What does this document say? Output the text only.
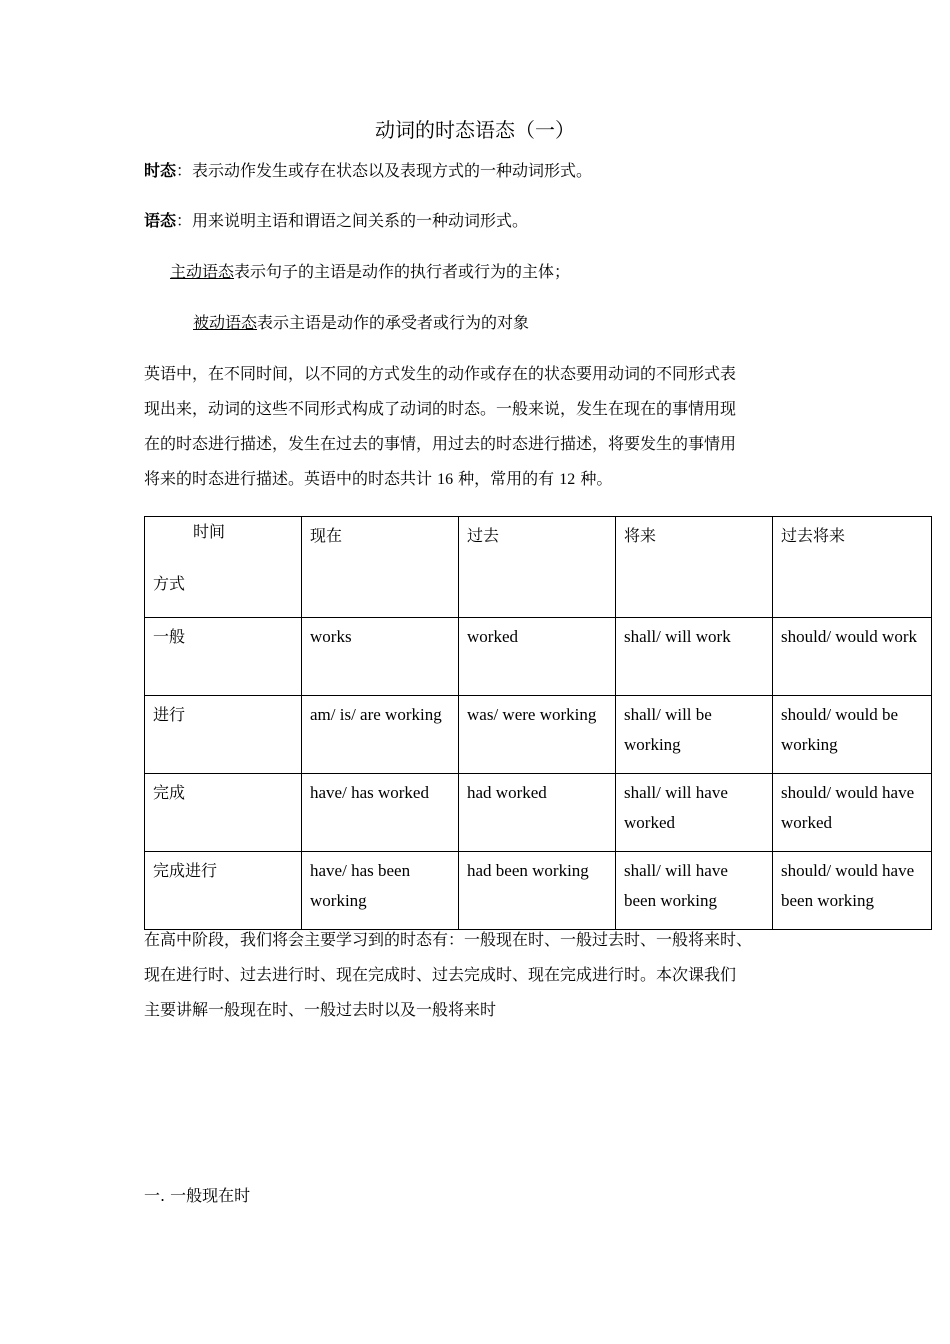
动词的时态语态（一）
时态：表示动作发生或存在状态以及表现方式的一种动词形式。
语态：用来说明主语和谓语之间关系的一种动词形式。
主动语态表示句子的主语是动作的执行者或行为的主体；
被动语态表示主语是动作的承受者或行为的对象

英语中，在不同时间，以不同的方式发生的动作或存在的状态要用动词的不同形式表

现出来，动词的这些不同形式构成了动词的时态。一般来说，发生在现在的事情用现

在的时态进行描述，发生在过去的事情，用过去的时态进行描述，将要发生的事情用

将来的时态进行描述。英语中的时态共计 16 种，常用的有 12 种。

时间
方式	现在	过去	将来	过去将来
一般	works	worked	shall/ will work	should/ would work
进行	am/ is/ are working	was/ were working	shall/ will be working	should/ would be working
完成	have/ has worked	had worked	shall/ will have worked	should/ would have worked
完成进行	have/ has been working	had been working	shall/ will have been working	should/ would have been working

在高中阶段，我们将会主要学习到的时态有：一般现在时、一般过去时、一般将来时、

现在进行时、过去进行时、现在完成时、过去完成时、现在完成进行时。本次课我们

主要讲解一般现在时、一般过去时以及一般将来时

一. 一般现在时
